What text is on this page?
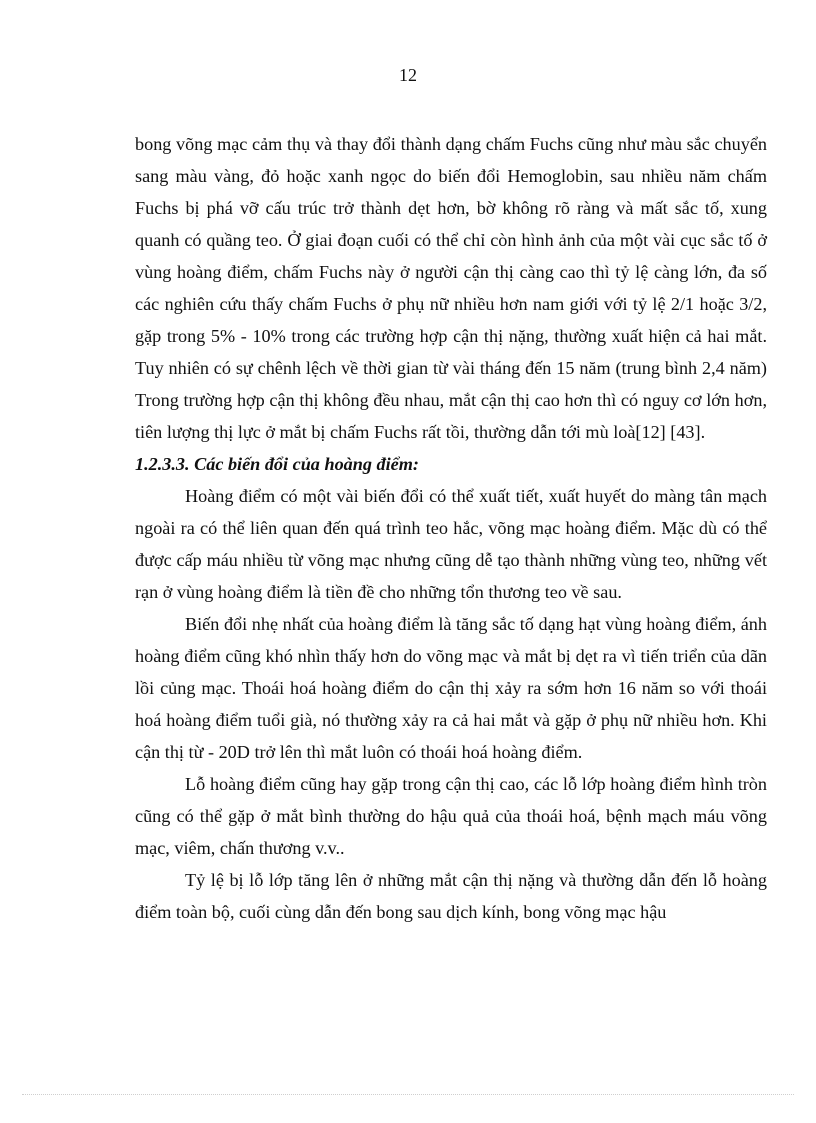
12

bong võng mạc cảm thụ và thay đổi thành dạng chấm Fuchs cũng như màu sắc chuyển sang màu vàng, đỏ hoặc xanh ngọc do biến đổi Hemoglobin, sau nhiều năm chấm Fuchs bị phá vỡ cấu trúc trở thành dẹt hơn, bờ không rõ ràng và mất sắc tố, xung quanh có quầng teo. Ở giai đoạn cuối có thể chỉ còn hình ảnh của một vài cục sắc tố ở vùng hoàng điểm, chấm Fuchs này ở người cận thị càng cao thì tỷ lệ càng lớn, đa số các nghiên cứu thấy chấm Fuchs ở phụ nữ nhiều hơn nam giới với tỷ lệ 2/1 hoặc 3/2, gặp trong 5% - 10% trong các trường hợp cận thị nặng, thường xuất hiện cả hai mắt. Tuy nhiên có sự chênh lệch về thời gian từ vài tháng đến 15 năm (trung bình 2,4 năm) Trong trường hợp cận thị không đều nhau, mắt cận thị cao hơn thì có nguy cơ lớn hơn, tiên lượng thị lực ở mắt bị chấm Fuchs rất tồi, thường dẫn tới mù loà[12] [43].

1.2.3.3. Các biến đổi của hoàng điểm:

Hoàng điểm có một vài biến đổi có thể xuất tiết, xuất huyết do màng tân mạch ngoài ra có thể liên quan đến quá trình teo hắc, võng mạc hoàng điểm. Mặc dù có thể được cấp máu nhiều từ võng mạc nhưng cũng dễ tạo thành những vùng teo, những vết rạn ở vùng hoàng điểm là tiền đề cho những tổn thương teo về sau.

Biến đổi nhẹ nhất của hoàng điểm là tăng sắc tố dạng hạt vùng hoàng điểm, ánh hoàng điểm cũng khó nhìn thấy hơn do võng mạc và mắt bị dẹt ra vì tiến triển của dãn lồi củng mạc. Thoái hoá hoàng điểm do cận thị xảy ra sớm hơn 16 năm so với thoái hoá hoàng điểm tuổi già, nó thường xảy ra cả hai mắt và gặp ở phụ nữ nhiều hơn. Khi cận thị từ - 20D trở lên thì mắt luôn có thoái hoá hoàng điểm.

Lỗ hoàng điểm cũng hay gặp trong cận thị cao, các lỗ lớp hoàng điểm hình tròn cũng có thể gặp ở mắt bình thường do hậu quả của thoái hoá, bệnh mạch máu võng mạc, viêm, chấn thương v.v..

Tỷ lệ bị lỗ lớp tăng lên ở những mắt cận thị nặng và thường dẫn đến lỗ hoàng điểm toàn bộ, cuối cùng dẫn đến bong sau dịch kính, bong võng mạc hậu
